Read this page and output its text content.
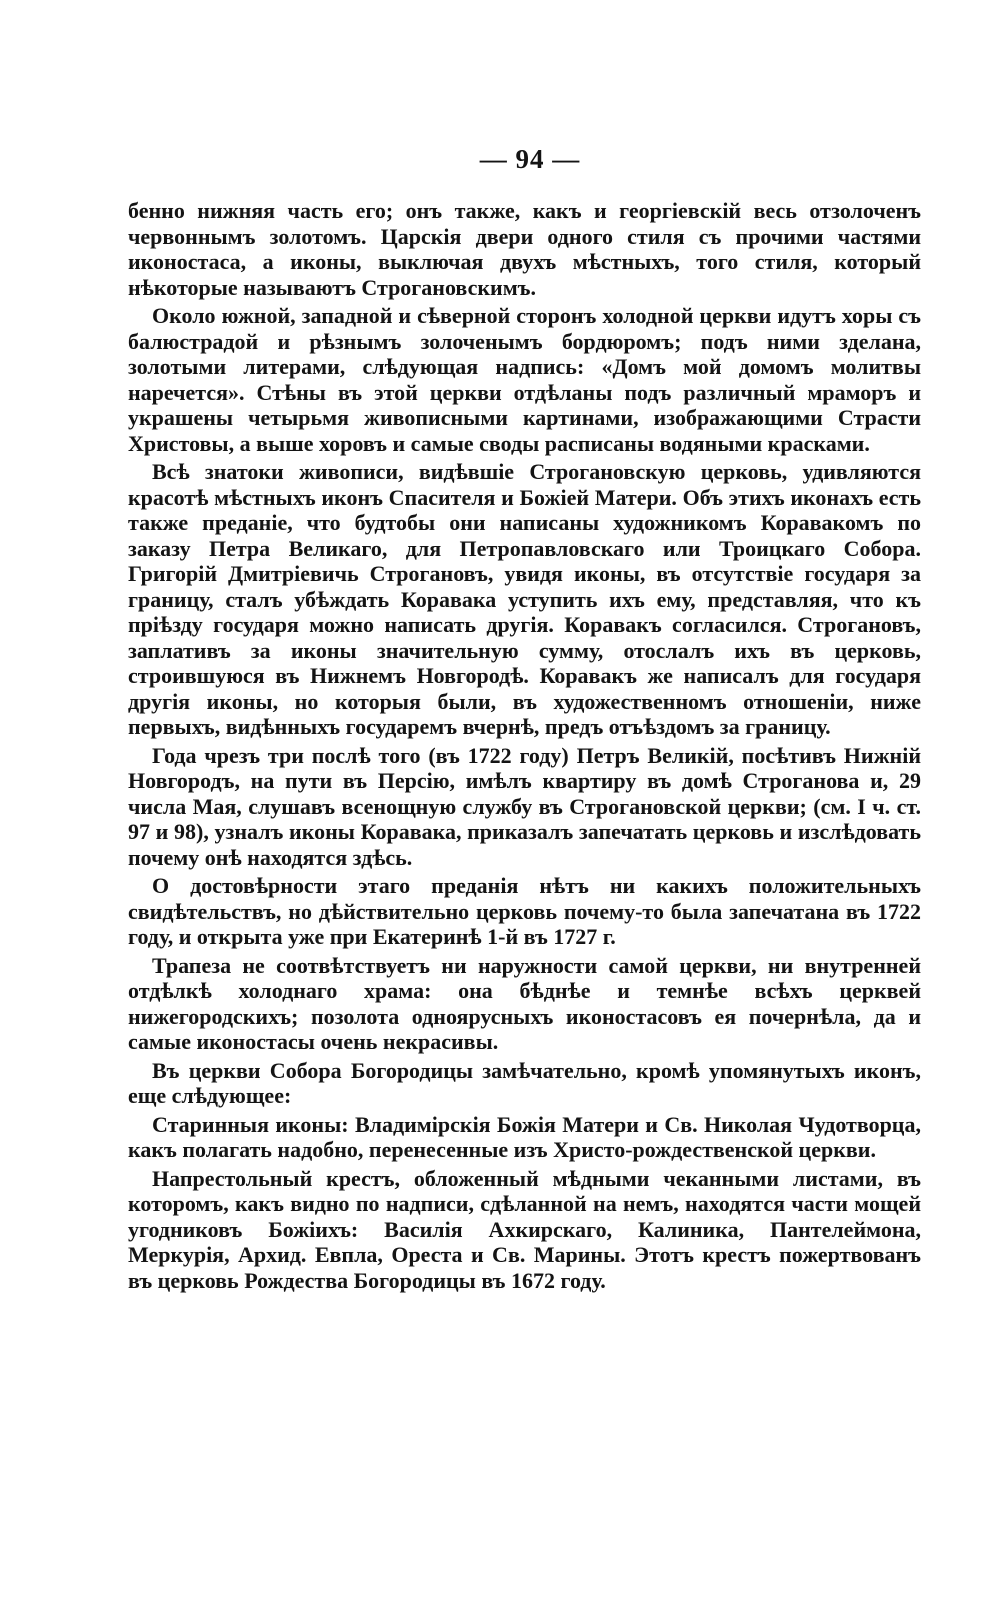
— 94 —

бенно нижняя часть его; онъ также, какъ и георгіевскій весь отзолоченъ червоннымъ золотомъ. Царскія двери одного стиля съ прочими частями иконостаса, а иконы, выключая двухъ мѣстныхъ, того стиля, который нѣкоторые называютъ Строгановскимъ.

Около южной, западной и сѣверной сторонъ холодной церкви идутъ хоры съ балюстрадой и рѣзнымъ золоченымъ бордюромъ; подъ ними зделана, золотыми литерами, слѣдующая надпись: «Домъ мой домомъ молитвы наречется». Стѣны въ этой церкви отдѣланы подъ различный мраморъ и украшены четырьмя живописными картинами, изображающими Страсти Христовы, а выше хоровъ и самые своды расписаны водяными красками.

Всѣ знатоки живописи, видѣвшіе Строгановскую церковь, удивляются красотѣ мѣстныхъ иконъ Спасителя и Божіей Матери. Объ этихъ иконахъ есть также преданіе, что будтобы они написаны художникомъ Коравакомъ по заказу Петра Великаго, для Петропавловскаго или Троицкаго Собора. Григорій Дмитріевичь Строгановъ, увидя иконы, въ отсутствіе государя за границу, сталъ убѣждать Коравака уступить ихъ ему, представляя, что къ пріѣзду государя можно написать другія. Коравакъ согласился. Строгановъ, заплативъ за иконы значительную сумму, отослалъ ихъ въ церковь, строившуюся въ Нижнемъ Новгородѣ. Коравакъ же написалъ для государя другія иконы, но которыя были, въ художественномъ отношеніи, ниже первыхъ, видѣнныхъ государемъ вчернѣ, предъ отъѣздомъ за границу.

Года чрезъ три послѣ того (въ 1722 году) Петръ Великій, посѣтивъ Нижній Новгородъ, на пути въ Персію, имѣлъ квартиру въ домѣ Строганова и, 29 числа Мая, слушавъ всенощную службу въ Строгановской церкви; (см. I ч. ст. 97 и 98), узналъ иконы Коравака, приказалъ запечатать церковь и изслѣдовать почему онѣ находятся здѣсь.

О достовѣрности этаго преданія нѣтъ ни какихъ положительныхъ свидѣтельствъ, но дѣйствительно церковь почему-то была запечатана въ 1722 году, и открыта уже при Екатеринѣ 1-й въ 1727 г.

Трапеза не соотвѣтствуетъ ни наружности самой церкви, ни внутренней отдѣлкѣ холоднаго храма: она бѣднѣе и темнѣе всѣхъ церквей нижегородскихъ; позолота одноярусныхъ иконостасовъ ея почернѣла, да и самые иконостасы очень некрасивы.

Въ церкви Собора Богородицы замѣчательно, кромѣ упомянутыхъ иконъ, еще слѣдующее:

Старинныя иконы: Владимірскія Божія Матери и Св. Николая Чудотворца, какъ полагать надобно, перенесенные изъ Христо-рождественской церкви.

Напрестольный крестъ, обложенный мѣдными чеканными листами, въ которомъ, какъ видно по надписи, сдѣланной на немъ, находятся части мощей угодниковъ Божіихъ: Василія Ахкирскаго, Калиника, Пантелеймона, Меркурія, Архид. Евпла, Ореста и Св. Марины. Этотъ крестъ пожертвованъ въ церковь Рождества Богородицы въ 1672 году.
